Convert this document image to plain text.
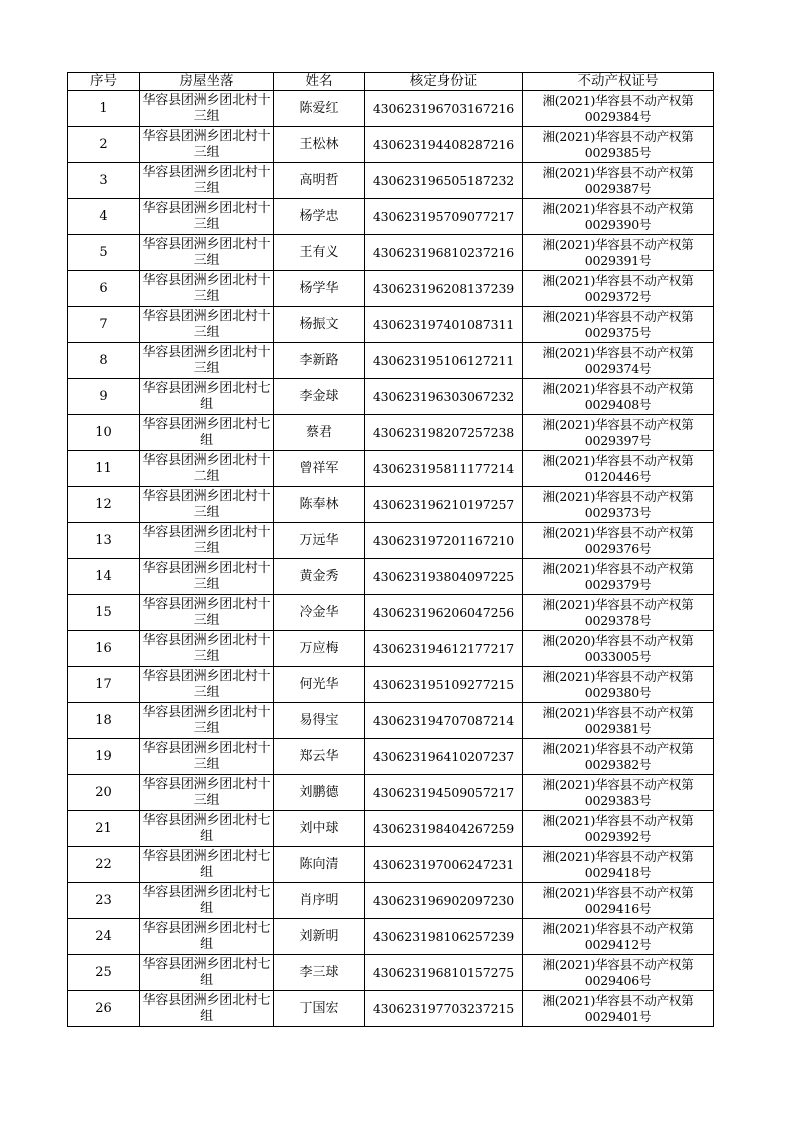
序号	房屋坐落	姓名	核定身份证	不动产权证号
1	华容县团洲乡团北村十三组	陈爱红	430623196703167216	湘(2021)华容县不动产权第0029384号
2	华容县团洲乡团北村十三组	王松林	430623194408287216	湘(2021)华容县不动产权第0029385号
3	华容县团洲乡团北村十三组	高明哲	430623196505187232	湘(2021)华容县不动产权第0029387号
4	华容县团洲乡团北村十三组	杨学忠	430623195709077217	湘(2021)华容县不动产权第0029390号
5	华容县团洲乡团北村十三组	王有义	430623196810237216	湘(2021)华容县不动产权第0029391号
6	华容县团洲乡团北村十三组	杨学华	430623196208137239	湘(2021)华容县不动产权第0029372号
7	华容县团洲乡团北村十三组	杨振文	430623197401087311	湘(2021)华容县不动产权第0029375号
8	华容县团洲乡团北村十三组	李新路	430623195106127211	湘(2021)华容县不动产权第0029374号
9	华容县团洲乡团北村七组	李金球	430623196303067232	湘(2021)华容县不动产权第0029408号
10	华容县团洲乡团北村七组	蔡君	430623198207257238	湘(2021)华容县不动产权第0029397号
11	华容县团洲乡团北村十二组	曾祥军	430623195811177214	湘(2021)华容县不动产权第0120446号
12	华容县团洲乡团北村十三组	陈奉林	430623196210197257	湘(2021)华容县不动产权第0029373号
13	华容县团洲乡团北村十三组	万远华	430623197201167210	湘(2021)华容县不动产权第0029376号
14	华容县团洲乡团北村十三组	黄金秀	430623193804097225	湘(2021)华容县不动产权第0029379号
15	华容县团洲乡团北村十三组	冷金华	430623196206047256	湘(2021)华容县不动产权第0029378号
16	华容县团洲乡团北村十三组	万应梅	430623194612177217	湘(2020)华容县不动产权第0033005号
17	华容县团洲乡团北村十三组	何光华	430623195109277215	湘(2021)华容县不动产权第0029380号
18	华容县团洲乡团北村十三组	易得宝	430623194707087214	湘(2021)华容县不动产权第0029381号
19	华容县团洲乡团北村十三组	郑云华	430623196410207237	湘(2021)华容县不动产权第0029382号
20	华容县团洲乡团北村十三组	刘鹏德	430623194509057217	湘(2021)华容县不动产权第0029383号
21	华容县团洲乡团北村七组	刘中球	430623198404267259	湘(2021)华容县不动产权第0029392号
22	华容县团洲乡团北村七组	陈向清	430623197006247231	湘(2021)华容县不动产权第0029418号
23	华容县团洲乡团北村七组	肖序明	430623196902097230	湘(2021)华容县不动产权第0029416号
24	华容县团洲乡团北村七组	刘新明	430623198106257239	湘(2021)华容县不动产权第0029412号
25	华容县团洲乡团北村七组	李三球	430623196810157275	湘(2021)华容县不动产权第0029406号
26	华容县团洲乡团北村七组	丁国宏	430623197703237215	湘(2021)华容县不动产权第0029401号
